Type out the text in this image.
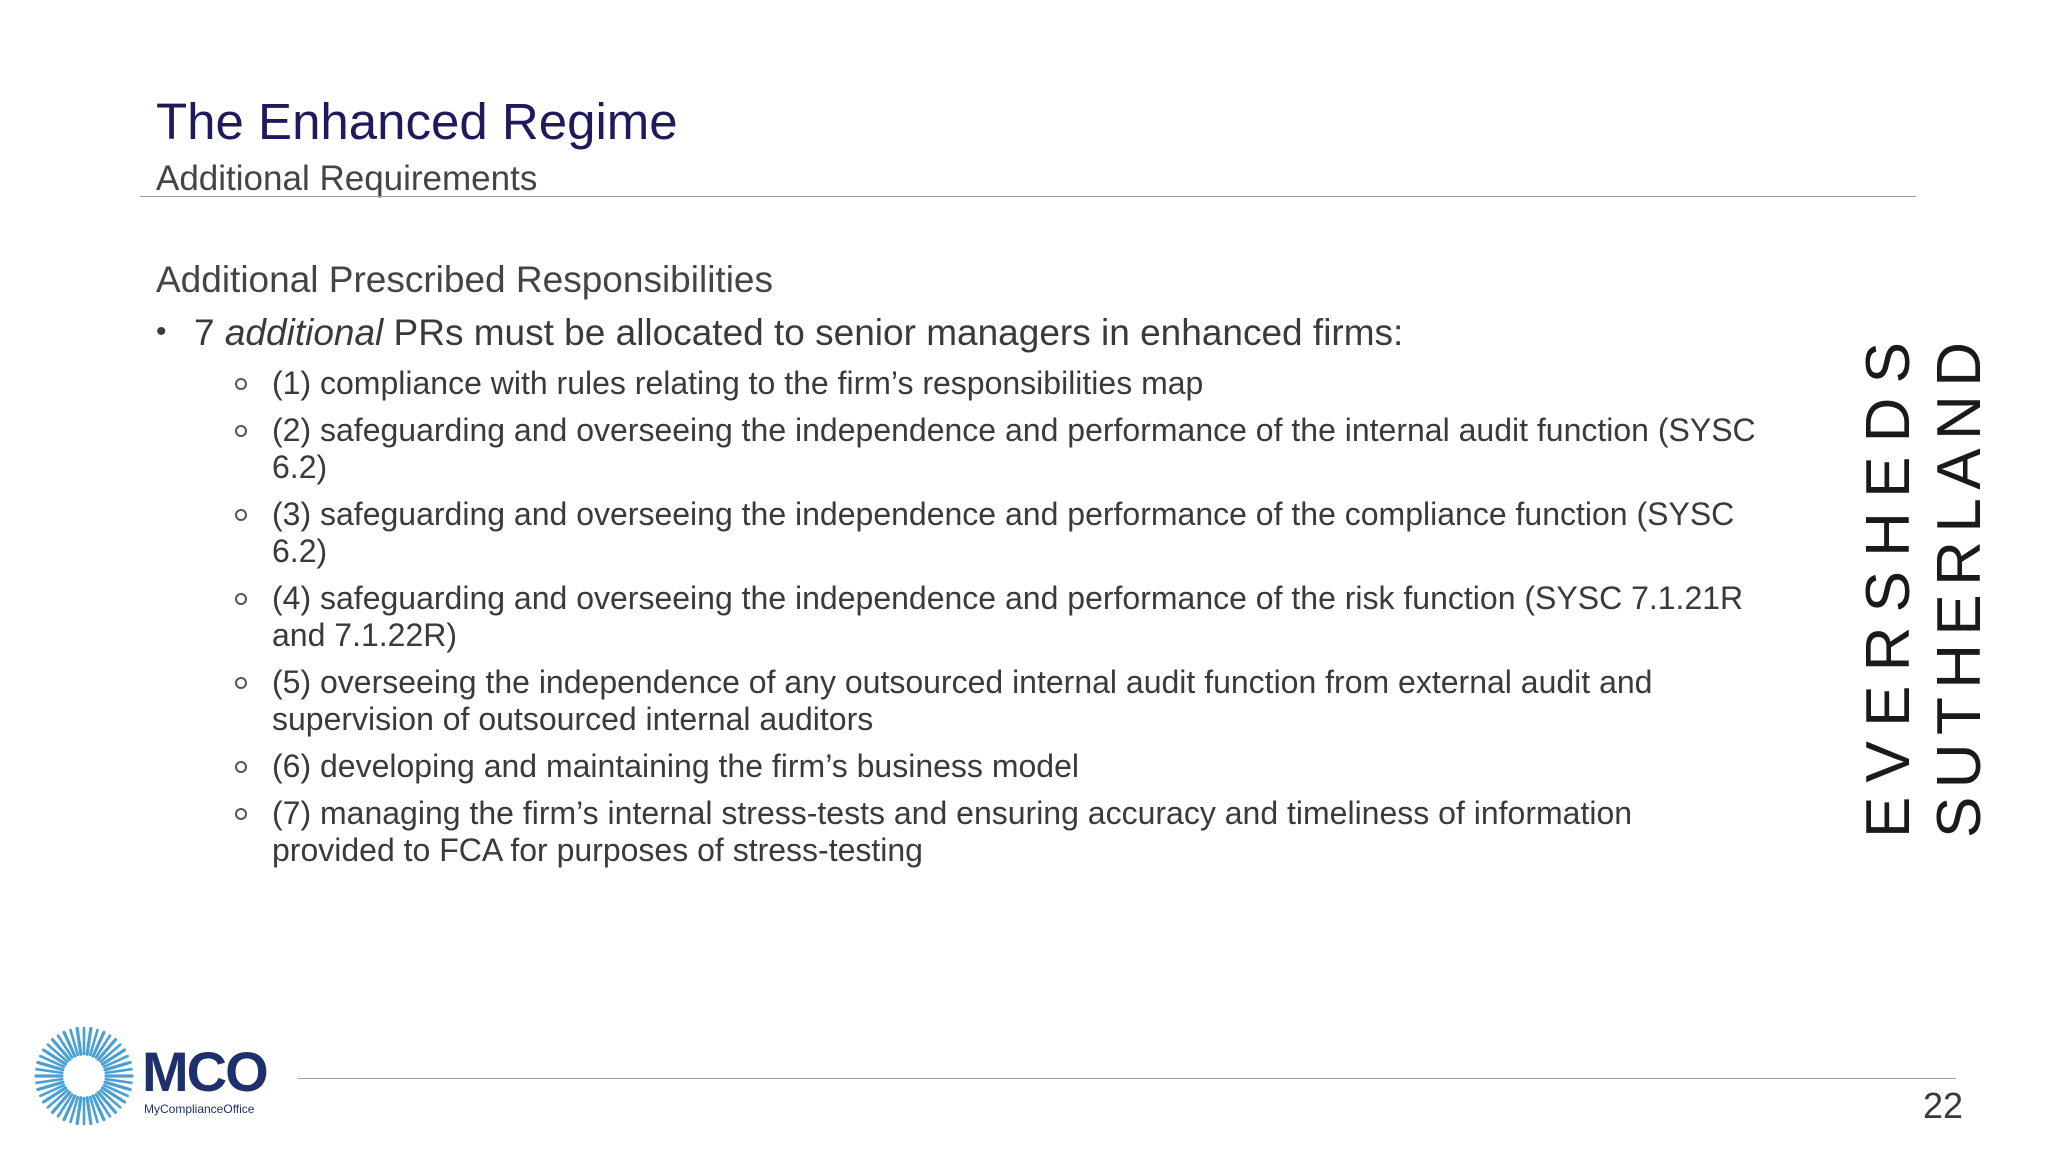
The Enhanced Regime
Additional Requirements
Additional Prescribed Responsibilities
• 7 additional PRs must be allocated to senior managers in enhanced firms:
(1) compliance with rules relating to the firm’s responsibilities map
(2) safeguarding and overseeing the independence and performance of the internal audit function (SYSC 6.2)
(3) safeguarding and overseeing the independence and performance of the compliance function (SYSC 6.2)
(4) safeguarding and overseeing the independence and performance of the risk function (SYSC 7.1.21R and 7.1.22R)
(5) overseeing the independence of any outsourced internal audit function from external audit and supervision of outsourced internal auditors
(6) developing and maintaining the firm’s business model
(7) managing the firm’s internal stress-tests and ensuring accuracy and timeliness of information provided to FCA for purposes of stress-testing
EVERSHEDS
SUTHERLAND
MCO
MyComplianceOffice	22
